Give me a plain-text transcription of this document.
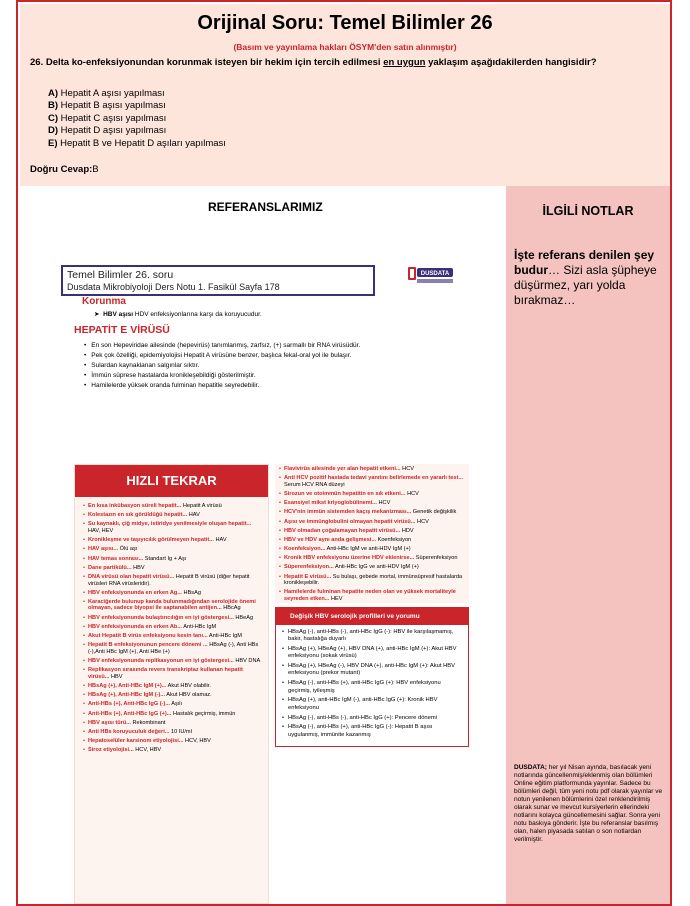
Orijinal Soru: Temel Bilimler 26
(Basım ve yayınlama hakları ÖSYM'den satın alınmıştır)
26. Delta ko-enfeksiyonundan korunmak isteyen bir hekim için tercih edilmesi en uygun yaklaşım aşağıdakilerden hangisidir?
A) Hepatit A aşısı yapılması
B) Hepatit B aşısı yapılması
C) Hepatit C aşısı yapılması
D) Hepatit D aşısı yapılması
E) Hepatit B ve Hepatit D aşıları yapılması
Doğru Cevap:B
REFERANSLARIMIZ
Temel Bilimler 26. soru
Dusdata Mikrobiyoloji Ders Notu 1. Fasikül Sayfa 178
DUSDATA
Korunma
➤  HBV aşısı HDV enfeksiyonlarına karşı da koruyucudur.
HEPATİT E VİRÜSÜ
• En son Hepeviridae ailesinde (hepevirüs) tanımlanmış, zarfsız, (+) sarmallı bir RNA virüsüdür.
• Pek çok özelliği, epidemiyolojisi Hepatit A virüsüne benzer, başlıca fekal-oral yol ile bulaşır.
• Sulardan kaynaklanan salgınlar sıktır.
• İmmün süprese hastalarda kronikleşebildiği gösterilmiştir.
• Hamilelerde yüksek oranda fulminan hepatitle seyredebilir.
HIZLI TEKRAR
• En kısa inkübasyon süreli hepatit... Hepatit A virüsü
• Kolestazın en sık görüldüğü hepatit... HAV
• Su kaynaklı, çiğ midye, istiridye yenilmesiyle oluşan hepatit... HAV, HEV
• Kronikleşme ve taşıyıcılık görülmeyen hepatit... HAV
• HAV aşısı... Ölü aşı
• HAV temas sonrası... Standart Ig + Aşı
• Dane partikülü... HBV
• DNA virüsü olan hepatit virüsü... Hepatit B virüsü (diğer hepatit virüsleri RNA virüsleridir).
• HBV enfeksiyonunda en erken Ag... HBsAg
• Karaciğerde bulunup kanda bulunmadığından serolojide önemi olmayan, sadece biyopsi ile saptanabilen antijen... HBcAg
• HBV enfeksiyonunda bulaştırıcılığın en iyi göstergesi... HBeAg
• HBV enfeksiyonunda en erken Ab... Anti-HBc IgM
• Akut Hepatit B virüs enfeksiyonu kesin tanı... Anti-HBc IgM
• Hepatit B enfeksiyonunun pencere dönemi ... HBsAg (-), Anti HBs (-),Anti HBc IgM (+), Anti HBe (+)
• HBV enfeksiyonunda replikasyonun en iyi göstergesi... HBV DNA
• Replikasyon sırasında revers transkriptaz kullanan hepatit virüsü... HBV
• HBsAg (+), Anti-HBc IgM (+)... Akut HBV olabilir.
• HBsAg (+), Anti-HBc IgM (-)... Akut HBV olamaz.
• Anti-HBs (+), Anti-HBc IgG (-)... Aşılı
• Anti-HBs (+), Anti-HBc IgG (+)... Hastalık geçirmiş, immün
• HBV aşısı türü... Rekombinant
• Anti HBs koruyuculuk değeri... 10 IU/ml
• Hepatoselüler karsinom etiyolojisi... HCV, HBV
• Siroz etiyolojisi... HCV, HBV
• Flavivirüs ailesinde yer alan hepatit etkeni... HCV
• Anti HCV pozitif hastada tedavi yanıtını belirlemede en yararlı test... Serum HCV RNA düzeyi
• Sirozun ve otoimmün hepatitin en sık etkeni... HCV
• Esansiyel mikst kriyoglobülinemi... HCV
• HCV'nin immün sistemden kaçış mekanizması... Genetik değişkilik
• Aşısı ve immünglobulini olmayan hepatit virüsü... HCV
• HBV olmadan çoğalamayan hepatit virüsü... HDV
• HBV ve HDV aynı anda gelişmesi... Koenfeksiyon
• Koenfeksiyon... Anti-HBc IgM ve anti-HDV IgM (+)
• Kronik HBV enfeksiyonu üzerine HDV eklenirse... Süperenfeksiyon
• Süperenfeksiyon... Anti-HBc IgG ve anti-HDV IgM (+)
• Hepatit E virüsü... Su bulaşı, gebede mortal, immünsüpresif hastalarda kronikleşebilir.
• Hamilelerde fulminan hepatite neden olan ve yüksek mortaliteyle seyreden etken... HEV
Değişik HBV serolojik profilleri ve yorumu
• HBsAg (-), anti-HBs (-), anti-HBc IgG (-): HBV ile karşılaşmamış, bakir, hastalığa duyarlı
• HBsAg (+), HBeAg (+), HBV DNA (+), anti-HBc IgM (+): Akut HBV enfeksiyonu (sokak virüsü)
• HBsAg (+), HBeAg (-), HBV DNA (+), anti-HBc IgM (+): Akut HBV enfeksiyonu (prekor mutant)
• HBsAg (-), anti-HBs (+), anti-HBc IgG (+): HBV enfeksiyonu geçirmiş, iyileşmiş
• HBsAg (+), anti-HBc IgM (-), anti-HBc IgG (+): Kronik HBV enfeksiyonu
• HBsAg (-), anti-HBs (-), anti-HBc IgG (+): Pencere dönemi
• HBsAg (-), anti-HBs (+), anti-HBc IgG (-): Hepatit B aşısı uygulanmış, immünite kazanmış
İLGİLİ NOTLAR
İşte referans denilen şey budur… Sizi asla şüpheye düşürmez, yarı yolda bırakmaz…
DUSDATA; her yıl Nisan ayında, basılacak yeni notlarında güncellenmiş/eklenmiş olan bölümleri Online eğitim platformunda yayınlar. Sadece bu bölümleri değil, tüm yeni notu pdf olarak yayınlar ve notun yenilenen bölümlerini özel renklendirilmiş olarak sunar ve mevcut kursiyerlerin ellerindeki notlarını kolayca güncellemesini sağlar. Sonra yeni notu baskıya gönderir. İşte bu referanslar basılmış olan, halen piyasada satılan o son notlardan verilmiştir.
